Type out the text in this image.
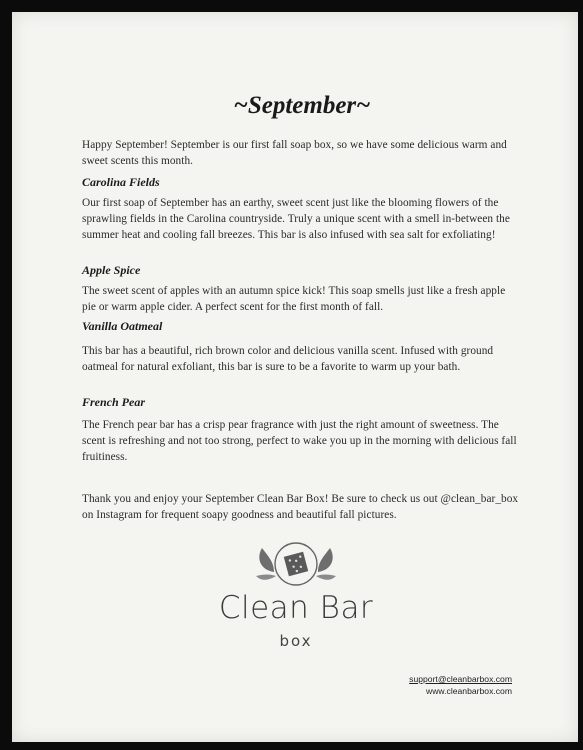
~September~

Happy September! September is our first fall soap box, so we have some delicious warm and sweet scents this month.

Carolina Fields

Our first soap of September has an earthy, sweet scent just like the blooming flowers of the sprawling fields in the Carolina countryside. Truly a unique scent with a smell in-between the summer heat and cooling fall breezes. This bar is also infused with sea salt for exfoliating!

Apple Spice

The sweet scent of apples with an autumn spice kick! This soap smells just like a fresh apple pie or warm apple cider. A perfect scent for the first month of fall.

Vanilla Oatmeal

This bar has a beautiful, rich brown color and delicious vanilla scent. Infused with ground oatmeal for natural exfoliant, this bar is sure to be a favorite to warm up your bath.

French Pear

The French pear bar has a crisp pear fragrance with just the right amount of sweetness. The scent is refreshing and not too strong, perfect to wake you up in the morning with delicious fall fruitiness.

Thank you and enjoy your September Clean Bar Box! Be sure to check us out @clean_bar_box on Instagram for frequent soapy goodness and beautiful fall pictures.

Clean Bar
box
support@cleanbarbox.com
www.cleanbarbox.com
